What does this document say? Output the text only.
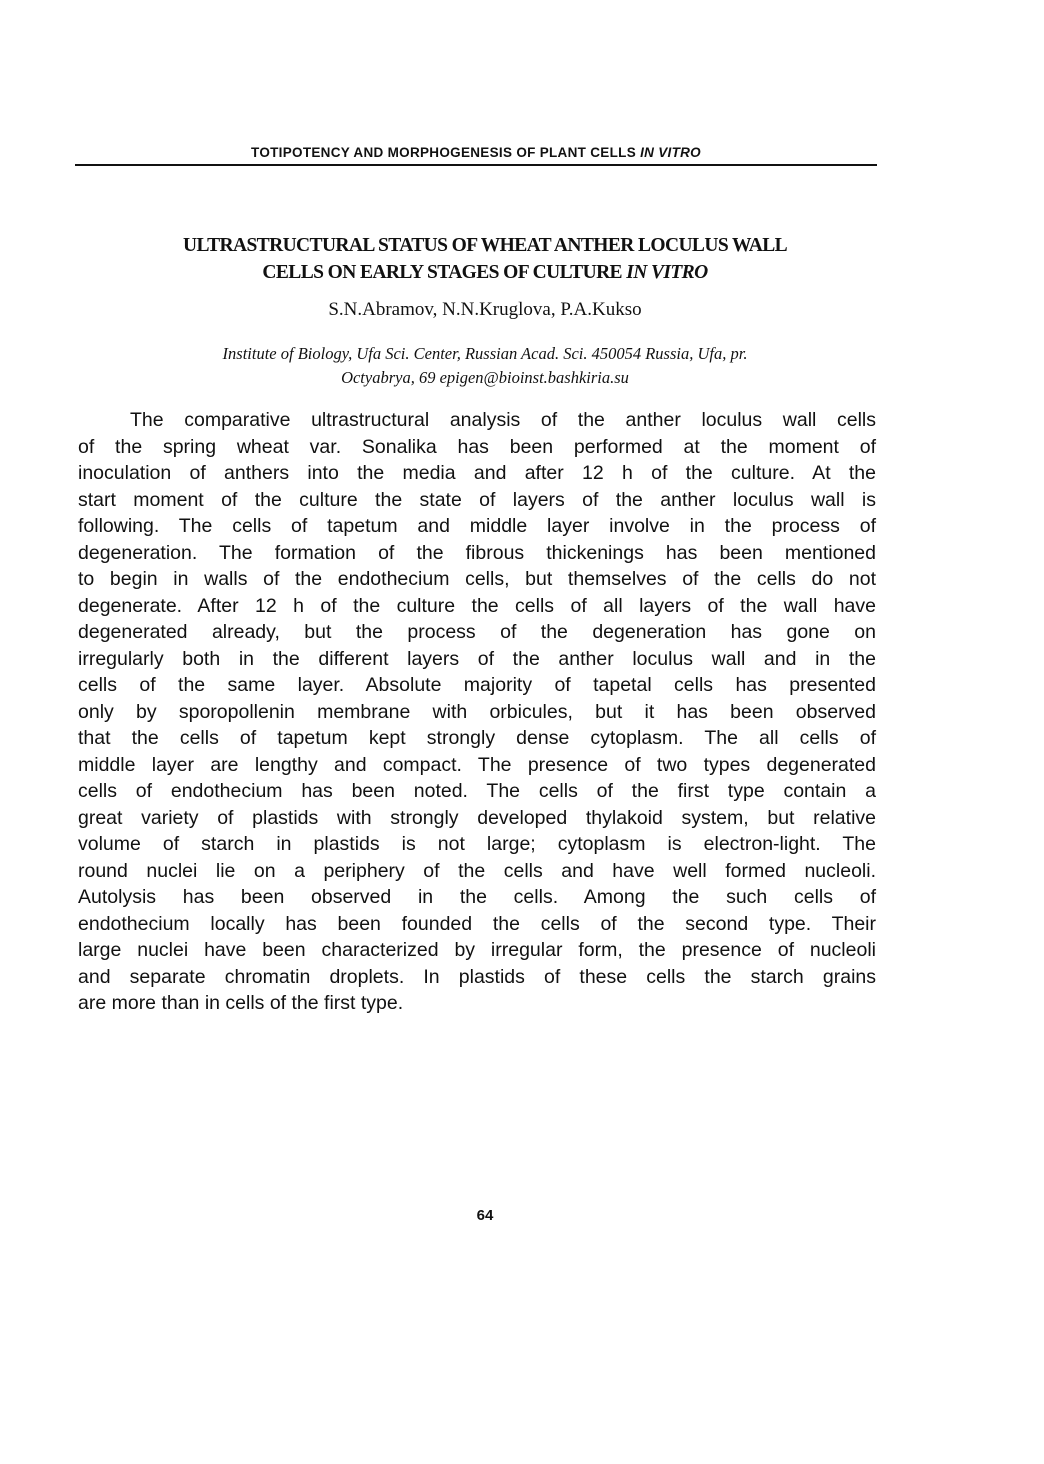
TOTIPOTENCY AND MORPHOGENESIS OF PLANT CELLS IN VITRO
ULTRASTRUCTURAL STATUS OF WHEAT ANTHER LOCULUS WALL
CELLS ON EARLY STAGES OF CULTURE IN VITRO
S.N.Abramov, N.N.Kruglova, P.A.Kukso
Institute of Biology, Ufa Sci. Center, Russian Acad. Sci. 450054 Russia, Ufa, pr.
Octyabrya, 69 epigen@bioinst.bashkiria.su
The comparative ultrastructural analysis of the anther loculus wall cells
of the spring wheat var. Sonalika has been performed at the moment of
inoculation of anthers into the media and after 12 h of the culture. At the
start moment of the culture the state of layers of the anther loculus wall is
following. The cells of tapetum and middle layer involve in the process of
degeneration. The formation of the fibrous thickenings has been mentioned
to begin in walls of the endothecium cells, but themselves of the cells do not
degenerate. After 12 h of the culture the cells of all layers of the wall have
degenerated already, but the process of the degeneration has gone on
irregularly both in the different layers of the anther loculus wall and in the
cells of the same layer. Absolute majority of tapetal cells has presented
only by sporopollenin membrane with orbicules, but it has been observed
that the cells of tapetum kept strongly dense cytoplasm. The all cells of
middle layer are lengthy and compact. The presence of two types degenerated
cells of endothecium has been noted. The cells of the first type contain a
great variety of plastids with strongly developed thylakoid system, but relative
volume of starch in plastids is not large; cytoplasm is electron-light. The
round nuclei lie on a periphery of the cells and have well formed nucleoli.
Autolysis has been observed in the cells. Among the such cells of
endothecium locally has been founded the cells of the second type. Their
large nuclei have been characterized by irregular form, the presence of nucleoli
and separate chromatin droplets. In plastids of these cells the starch grains
are more than in cells of the first type.
64
